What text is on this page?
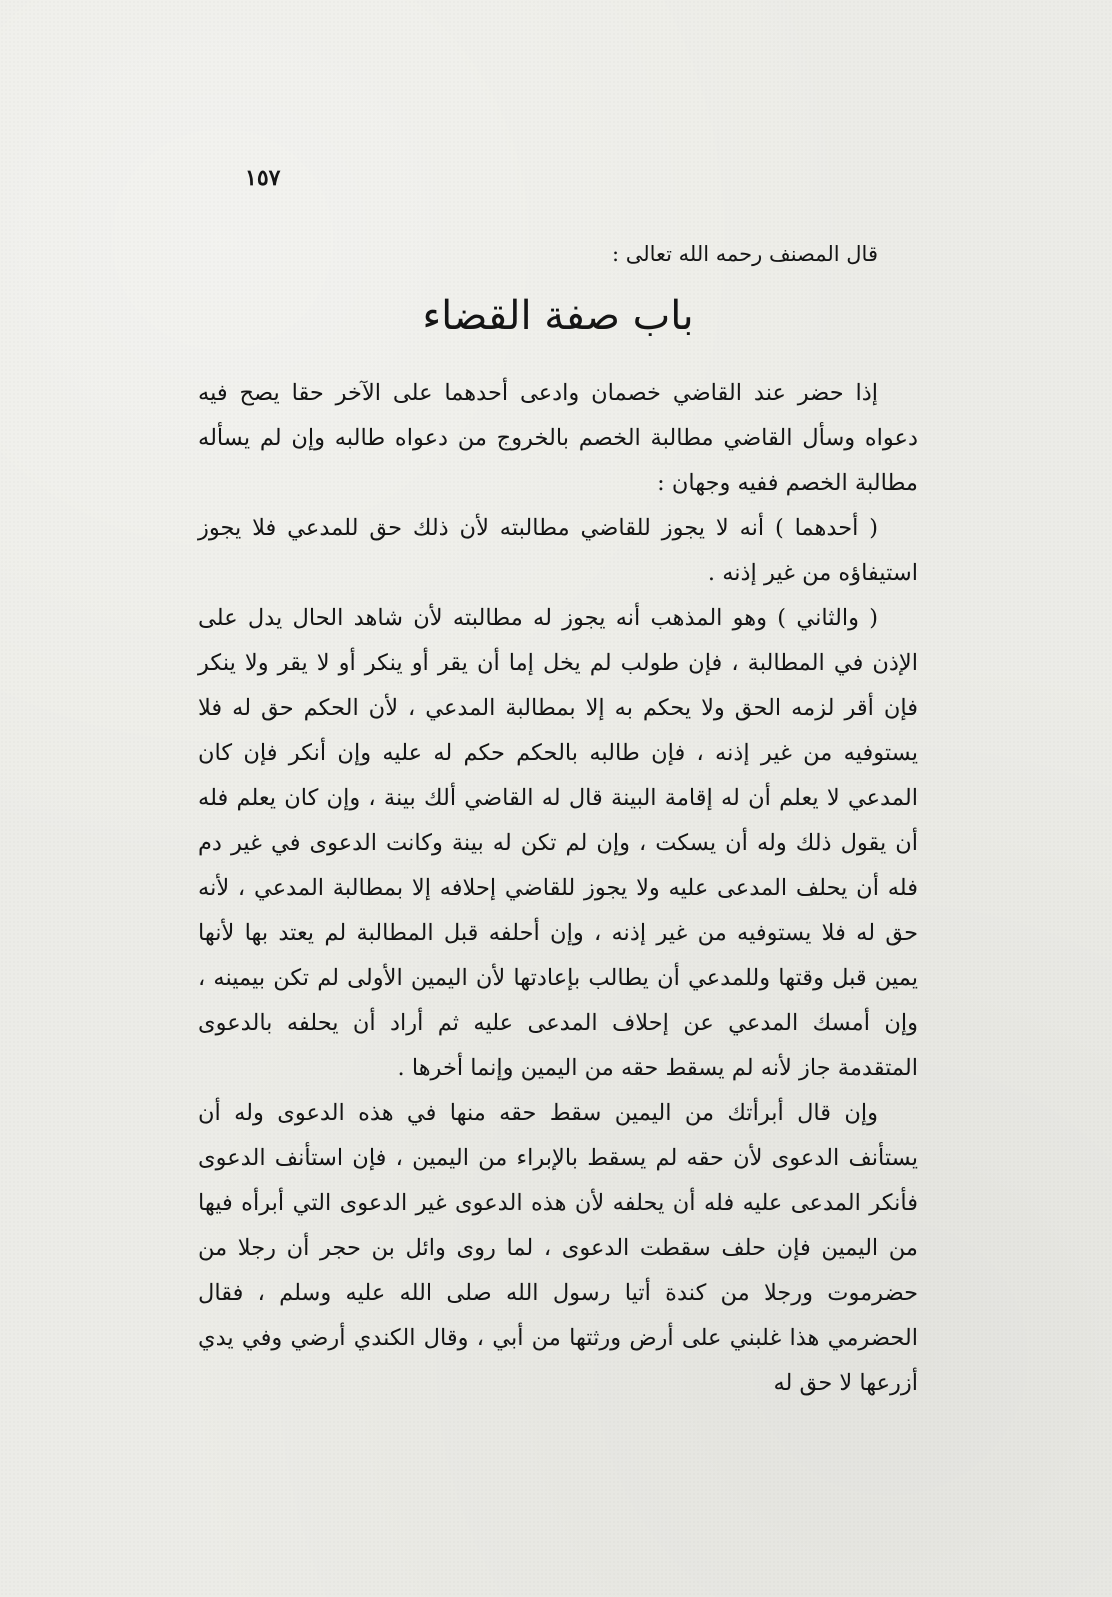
١٥٧
قال المصنف رحمه الله تعالى :
باب صفة القضاء

إذا حضر عند القاضي خصمان وادعى أحدهما على الآخر حقا يصح فيه دعواه وسأل القاضي مطالبة الخصم بالخروج من دعواه طالبه وإن لم يسأله مطالبة الخصم ففيه وجهان :

( أحدهما ) أنه لا يجوز للقاضي مطالبته لأن ذلك حق للمدعي فلا يجوز استيفاؤه من غير إذنه .

( والثاني ) وهو المذهب أنه يجوز له مطالبته لأن شاهد الحال يدل على الإذن في المطالبة ، فإن طولب لم يخل إما أن يقر أو ينكر أو لا يقر ولا ينكر فإن أقر لزمه الحق ولا يحكم به إلا بمطالبة المدعي ، لأن الحكم حق له فلا يستوفيه من غير إذنه ، فإن طالبه بالحكم حكم له عليه وإن أنكر فإن كان المدعي لا يعلم أن له إقامة البينة قال له القاضي ألك بينة ، وإن كان يعلم فله أن يقول ذلك وله أن يسكت ، وإن لم تكن له بينة وكانت الدعوى في غير دم فله أن يحلف المدعى عليه ولا يجوز للقاضي إحلافه إلا بمطالبة المدعي ، لأنه حق له فلا يستوفيه من غير إذنه ، وإن أحلفه قبل المطالبة لم يعتد بها لأنها يمين قبل وقتها وللمدعي أن يطالب بإعادتها لأن اليمين الأولى لم تكن بيمينه ، وإن أمسك المدعي عن إحلاف المدعى عليه ثم أراد أن يحلفه بالدعوى المتقدمة جاز لأنه لم يسقط حقه من اليمين وإنما أخرها .

وإن قال أبرأتك من اليمين سقط حقه منها في هذه الدعوى وله أن يستأنف الدعوى لأن حقه لم يسقط بالإبراء من اليمين ، فإن استأنف الدعوى فأنكر المدعى عليه فله أن يحلفه لأن هذه الدعوى غير الدعوى التي أبرأه فيها من اليمين فإن حلف سقطت الدعوى ، لما روى وائل بن حجر أن رجلا من حضرموت ورجلا من كندة أتيا رسول الله صلى الله عليه وسلم ، فقال الحضرمي هذا غلبني على أرض ورثتها من أبي ، وقال الكندي أرضي وفي يدي أزرعها لا حق له
